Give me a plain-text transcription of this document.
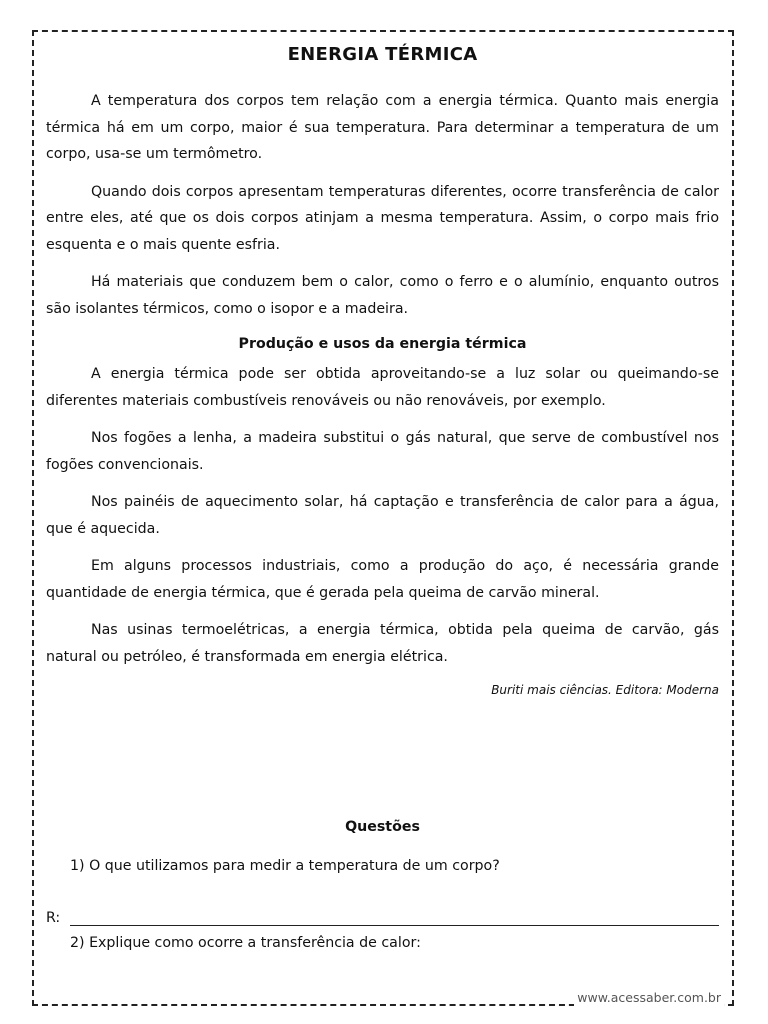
ENERGIA TÉRMICA

A temperatura dos corpos tem relação com a energia térmica. Quanto mais energia térmica há em um corpo, maior é sua temperatura. Para determinar a temperatura de um corpo, usa-se um termômetro.

Quando dois corpos apresentam temperaturas diferentes, ocorre transferência de calor entre eles, até que os dois corpos atinjam a mesma temperatura. Assim, o corpo mais frio esquenta e o mais quente esfria.

Há materiais que conduzem bem o calor, como o ferro e o alumínio, enquanto outros são isolantes térmicos, como o isopor e a madeira.

Produção e usos da energia térmica

A energia térmica pode ser obtida aproveitando-se a luz solar ou queimando-se diferentes materiais combustíveis renováveis ou não renováveis, por exemplo.

Nos fogões a lenha, a madeira substitui o gás natural, que serve de combustível nos fogões convencionais.

Nos painéis de aquecimento solar, há captação e transferência de calor para a água, que é aquecida.

Em alguns processos industriais, como a produção do aço, é necessária grande quantidade de energia térmica, que é gerada pela queima de carvão mineral.

Nas usinas termoelétricas, a energia térmica, obtida pela queima de carvão, gás natural ou petróleo, é transformada em energia elétrica.

Buriti mais ciências. Editora: Moderna
Questões
1) O que utilizamos para medir a temperatura de um corpo?
R:
2) Explique como ocorre a transferência de calor:
www.acessaber.com.br
